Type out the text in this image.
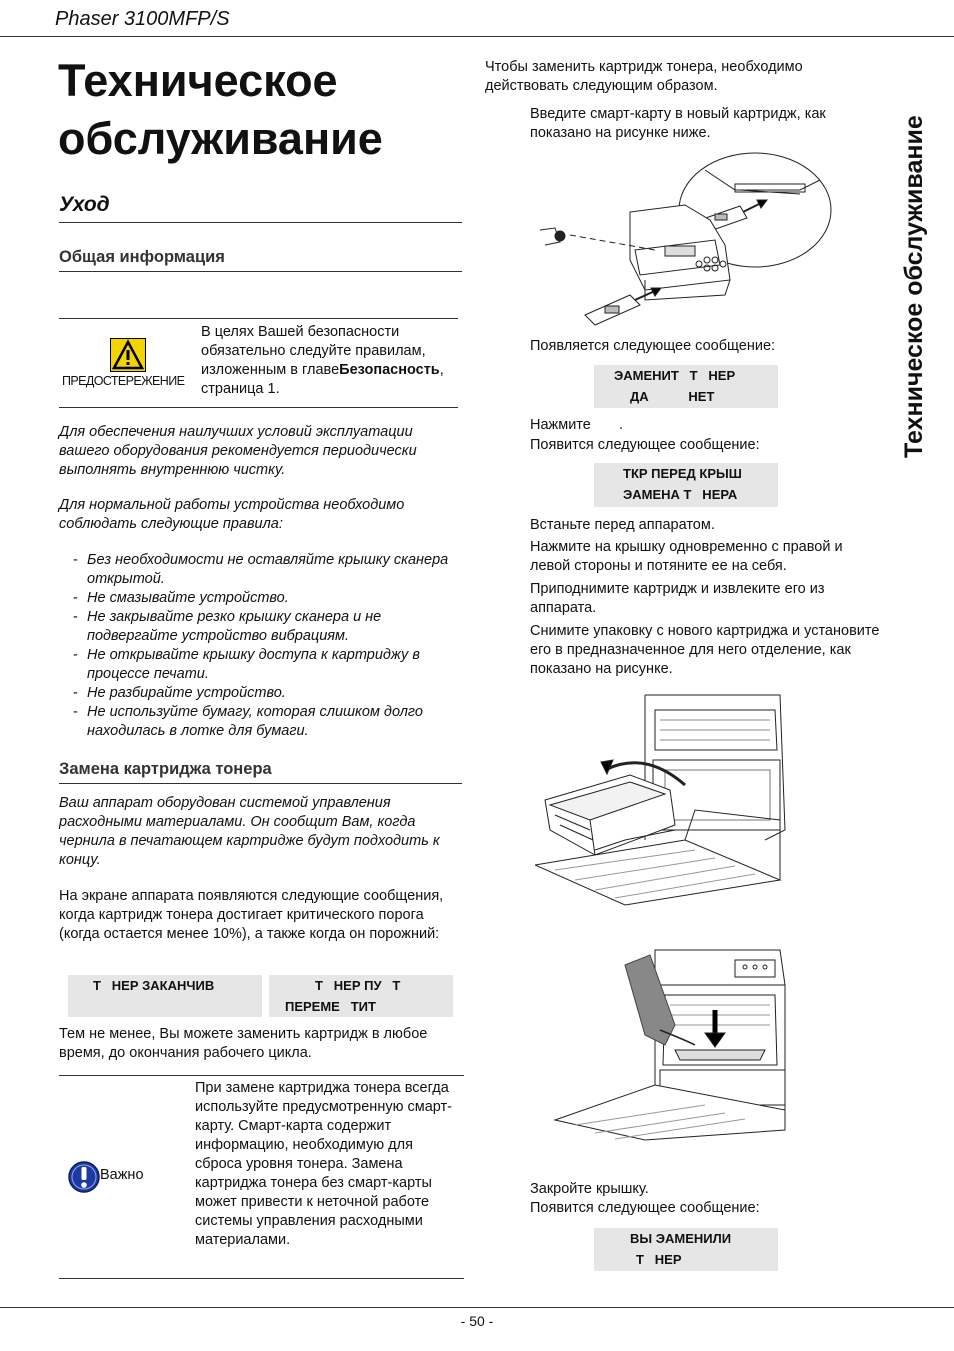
Phaser 3100MFP/S
Техническое обслуживание
Техническое обслуживание
Уход
Общая информация
ПРЕДОСТЕРЕЖЕНИЕ
В целях Вашей безопасности обязательно следуйте правилам, изложенным в главеБезопасность, страница 1.
Для обеспечения наилучших условий эксплуатации вашего оборудования рекомендуется периодически выполнять внутреннюю чистку.
Для нормальной работы устройства необходимо соблюдать следующие правила:
- Без необходимости не оставляйте крышку сканера открытой.
- Не смазывайте устройство.
- Не закрывайте резко крышку сканера и не подвергайте устройство вибрациям.
- Не открывайте крышку доступа к картриджу в процессе печати.
- Не разбирайте устройство.
- Не используйте бумагу, которая слишком долго находилась в лотке для бумаги.
Замена картриджа тонера
Ваш аппарат оборудован системой управления расходными материалами. Он сообщит Вам, когда чернила в печатающем картридже будут подходить к концу.
На экране аппарата появляются следующие сообщения, когда картридж тонера достигает критического порога (когда остается менее 10%), а также когда он порожний:
Т   НЕР ЗАКАНЧИВ	Т   НЕР ПУ   Т
ПЕРЕМЕ   ТИТ
Тем не менее, Вы можете заменить картридж в любое время, до окончания рабочего цикла.
Важно
При замене картриджа тонера всегда используйте предусмотренную смарт-карту. Смарт-карта содержит информацию, необходимую для сброса уровня тонера. Замена картриджа тонера без смарт-карты может привести к неточной работе системы управления расходными материалами.
Чтобы заменить картридж тонера, необходимо действовать следующим образом.
Введите смарт-карту в новый картридж, как показано на рисунке ниже.
Появляется следующее сообщение:
ЭАМЕНИТ   Т   НЕР
ДА           НЕТ
Нажмите       .
Появится следующее сообщение:
ТКР ПЕРЕД КРЫШ
ЭАМЕНА Т   НЕРА
Встаньте перед аппаратом.
Нажмите на крышку одновременно с правой и левой стороны и потяните ее на себя.
Приподнимите картридж и извлеките его из аппарата.
Снимите упаковку с нового картриджа и установите его в предназначенное для него отделение, как показано на рисунке.
Закройте крышку.
Появится следующее сообщение:
ВЫ ЭАМЕНИЛИ
Т   НЕР
- 50 -
